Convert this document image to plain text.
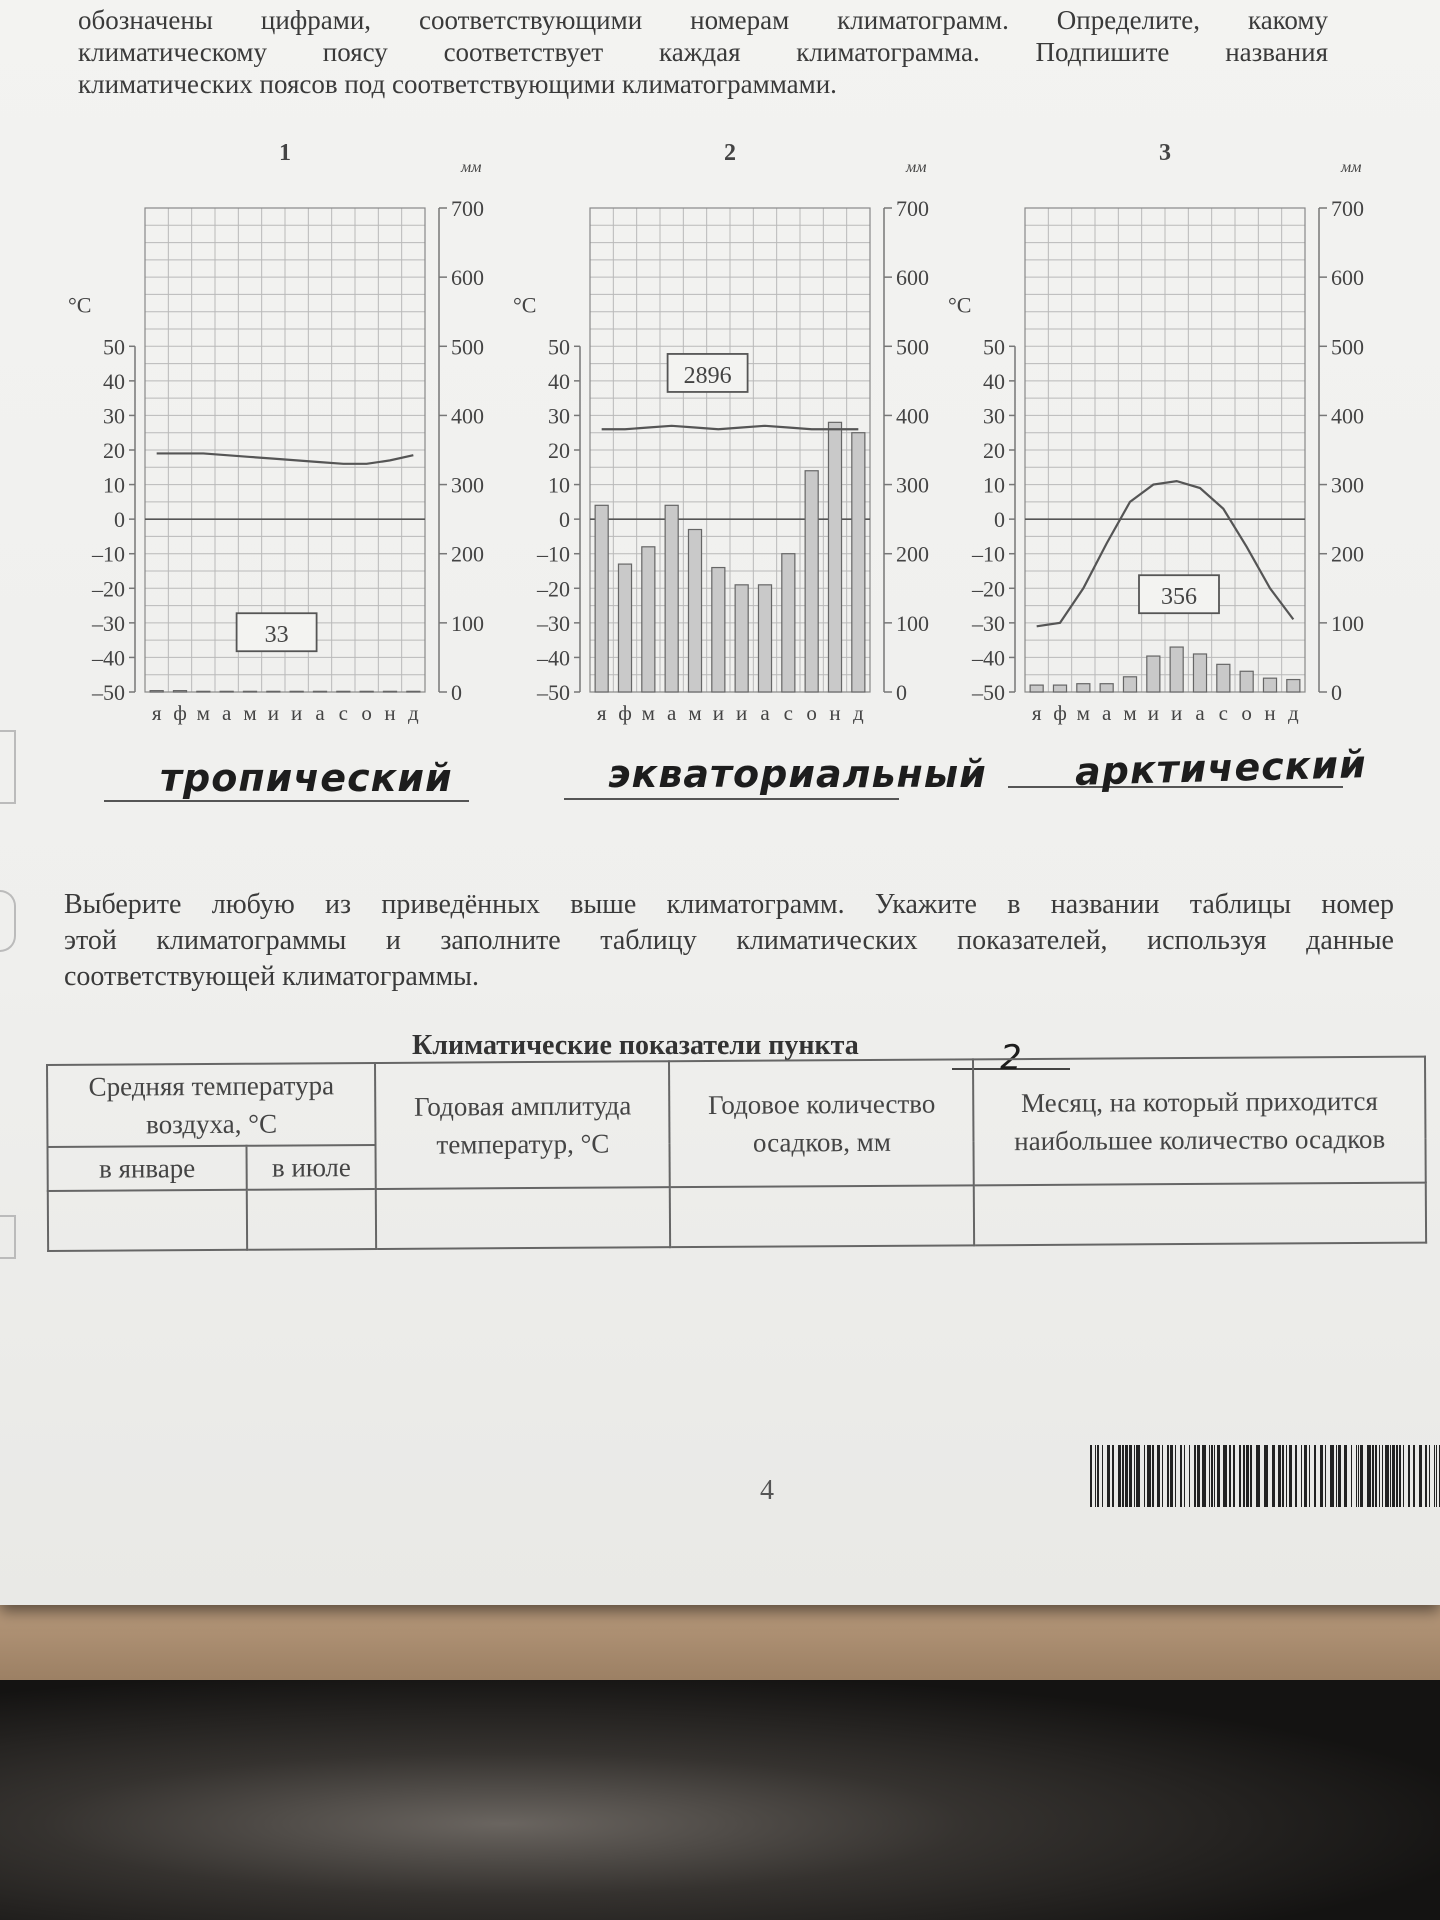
обозначены цифрами, соответствующими номерам климатограмм. Определите, какому
климатическому поясу соответствует каждая климатограмма. Подпишите названия
климатических поясов под соответствующими климатограммами.
1
мм
°С
700
600
500
400
300
200
100
0
50
40
30
20
10
0
–10
–20
–30
–40
–50
я ф м а м и и а с о н д
33
2
мм
°С
700
600
500
400
300
200
100
0
50
40
30
20
10
0
–10
–20
–30
–40
–50
я ф м а м и и а с о н д
2896
3
мм
°С
700
600
500
400
300
200
100
0
50
40
30
20
10
0
–10
–20
–30
–40
–50
я ф м а м и и а с о н д
356
тропический	экваториальный арктический
Выберите любую из приведённых выше климатограмм. Укажите в названии таблицы номер
этой климатограммы и заполните таблицу климатических показателей, используя данные
соответствующей климатограммы.
Климатические показатели пункта	2
Средняя температура воздуха, °С		Годовая амплитуда температур, °С	Годовое количество осадков, мм	Месяц, на который приходится наибольшее количество осадков
в январе	в июле			

4
